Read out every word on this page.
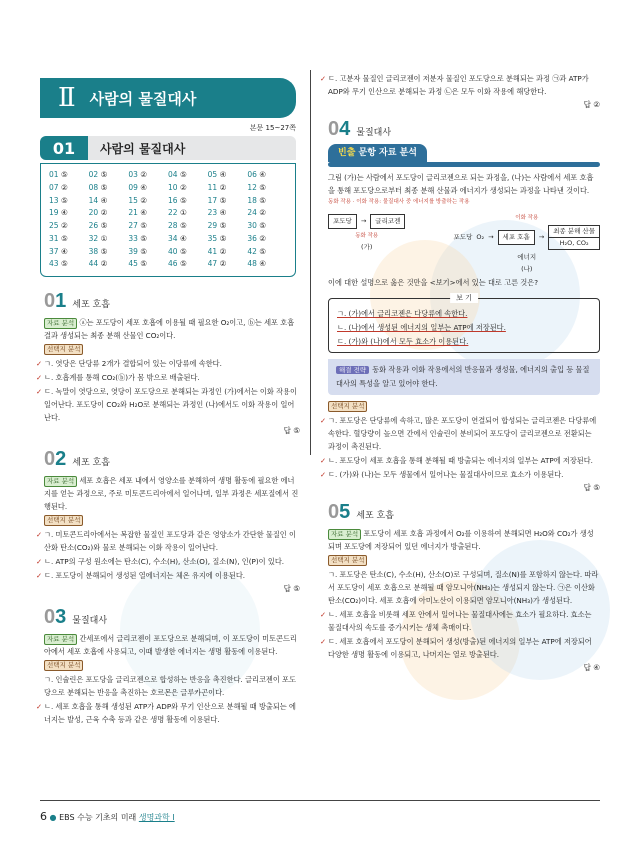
Ⅱ 사람의 물질대사
본문 15~27쪽
01	사람의 물질대사
01 ⑤	02 ⑤	03 ②	04 ⑤	05 ④	06 ④
07 ②	08 ⑤	09 ④	10 ②	11 ②	12 ⑤
13 ⑤	14 ④	15 ②	16 ⑤	17 ⑤	18 ⑤
19 ④	20 ②	21 ④	22 ①	23 ④	24 ②
25 ②	26 ⑤	27 ⑤	28 ⑤	29 ⑤	30 ⑤
31 ⑤	32 ①	33 ⑤	34 ④	35 ⑤	36 ②
37 ④	38 ⑤	39 ⑤	40 ⑤	41 ②	42 ⑤
43 ⑤	44 ②	45 ⑤	46 ⑤	47 ②	48 ④
01 세포 호흡

자료 분석 ⓐ는 포도당이 세포 호흡에 이용될 때 필요한 O₂이고, ⓑ는 세포 호흡 결과 생성되는 최종 분해 산물인 CO₂이다.

선택지 분석

✓ ㄱ. 엿당은 단당류 2개가 결합되어 있는 이당류에 속한다.

✓ ㄴ. 호흡계를 통해 CO₂(ⓑ)가 몸 밖으로 배출된다.

✓ ㄷ. 녹말이 엿당으로, 엿당이 포도당으로 분해되는 과정인 (가)에서는 이화 작용이 일어난다. 포도당이 CO₂와 H₂O로 분해되는 과정인 (나)에서도 이화 작용이 일어난다.

답 ⑤
02 세포 호흡

자료 분석 세포 호흡은 세포 내에서 영양소를 분해하여 생명 활동에 필요한 에너지를 얻는 과정으로, 주로 미토콘드리아에서 일어나며, 일부 과정은 세포질에서 진행된다.

선택지 분석

✓ ㄱ. 미토콘드리아에서는 복잡한 물질인 포도당과 같은 영양소가 간단한 물질인 이산화 탄소(CO₂)와 물로 분해되는 이화 작용이 일어난다.

✓ ㄴ. ATP의 구성 원소에는 탄소(C), 수소(H), 산소(O), 질소(N), 인(P)이 있다.

✓ ㄷ. 포도당이 분해되어 생성된 열에너지는 체온 유지에 이용된다.

답 ⑤
03 물질대사

자료 분석 간세포에서 글리코젠이 포도당으로 분해되며, 이 포도당이 미토콘드리아에서 세포 호흡에 사용되고, 이때 발생한 에너지는 생명 활동에 이용된다.

선택지 분석

ㄱ. 인슐린은 포도당을 글리코젠으로 합성하는 반응을 촉진한다. 글리코젠이 포도당으로 분해되는 반응을 촉진하는 호르몬은 글루카곤이다.

✓ ㄴ. 세포 호흡을 통해 생성된 ATP가 ADP와 무기 인산으로 분해될 때 방출되는 에너지는 발성, 근육 수축 등과 같은 생명 활동에 이용된다.

✓ ㄷ. 고분자 물질인 글리코젠이 저분자 물질인 포도당으로 분해되는 과정 ㉠과 ATP가 ADP와 무기 인산으로 분해되는 과정 ㉡은 모두 이화 작용에 해당한다.

답 ②
04 물질대사
빈출 문항 자료 분석

그림 (가)는 사람에서 포도당이 글리코젠으로 되는 과정을, (나)는 사람에서 세포 호흡을 통해 포도당으로부터 최종 분해 산물과 에너지가 생성되는 과정을 나타낸 것이다.

동화 작용 · 이화 작용: 물질대사 중 에너지를 방출하는 작용
포도당	→	글리코젠
동화 작용
(가)
이화 작용
포도당 O₂ →	세포 호흡	→
최종 분해 산물
H₂O, CO₂
에너지
(나)

이에 대한 설명으로 옳은 것만을 <보기>에서 있는 대로 고른 것은?

보 기

ㄱ. (가)에서 글리코젠은 다당류에 속한다.

ㄴ. (나)에서 생성된 에너지의 일부는 ATP에 저장된다.

ㄷ. (가)와 (나)에서 모두 효소가 이용된다.

해결 전략 동화 작용과 이화 작용에서의 반응물과 생성물, 에너지의 출입 등 물질대사의 특성을 알고 있어야 한다.

선택지 분석

✓ ㄱ. 포도당은 단당류에 속하고, 많은 포도당이 연결되어 합성되는 글리코젠은 다당류에 속한다. 혈당량이 높으면 간에서 인슐린이 분비되어 포도당이 글리코젠으로 전환되는 과정이 촉진된다.

✓ ㄴ. 포도당이 세포 호흡을 통해 분해될 때 방출되는 에너지의 일부는 ATP에 저장된다.

✓ ㄷ. (가)와 (나)는 모두 생물에서 일어나는 물질대사이므로 효소가 이용된다.

답 ⑤
05 세포 호흡

자료 분석 포도당이 세포 호흡 과정에서 O₂를 이용하여 분해되면 H₂O와 CO₂가 생성되며 포도당에 저장되어 있던 에너지가 방출된다.

선택지 분석

ㄱ. 포도당은 탄소(C), 수소(H), 산소(O)로 구성되며, 질소(N)를 포함하지 않는다. 따라서 포도당이 세포 호흡으로 분해될 때 암모니아(NH₃)는 생성되지 않는다. ㉠은 이산화 탄소(CO₂)이다. 세포 호흡에 아미노산이 이용되면 암모니아(NH₃)가 생성된다.

✓ ㄴ. 세포 호흡을 비롯해 세포 안에서 일어나는 물질대사에는 효소가 필요하다. 효소는 물질대사의 속도를 증가시키는 생체 촉매이다.

✓ ㄷ. 세포 호흡에서 포도당이 분해되어 생성(방출)된 에너지의 일부는 ATP에 저장되어 다양한 생명 활동에 이용되고, 나머지는 열로 방출된다.

답 ④
6 ● EBS 수능 기초의 미래 생명과학 Ⅰ
